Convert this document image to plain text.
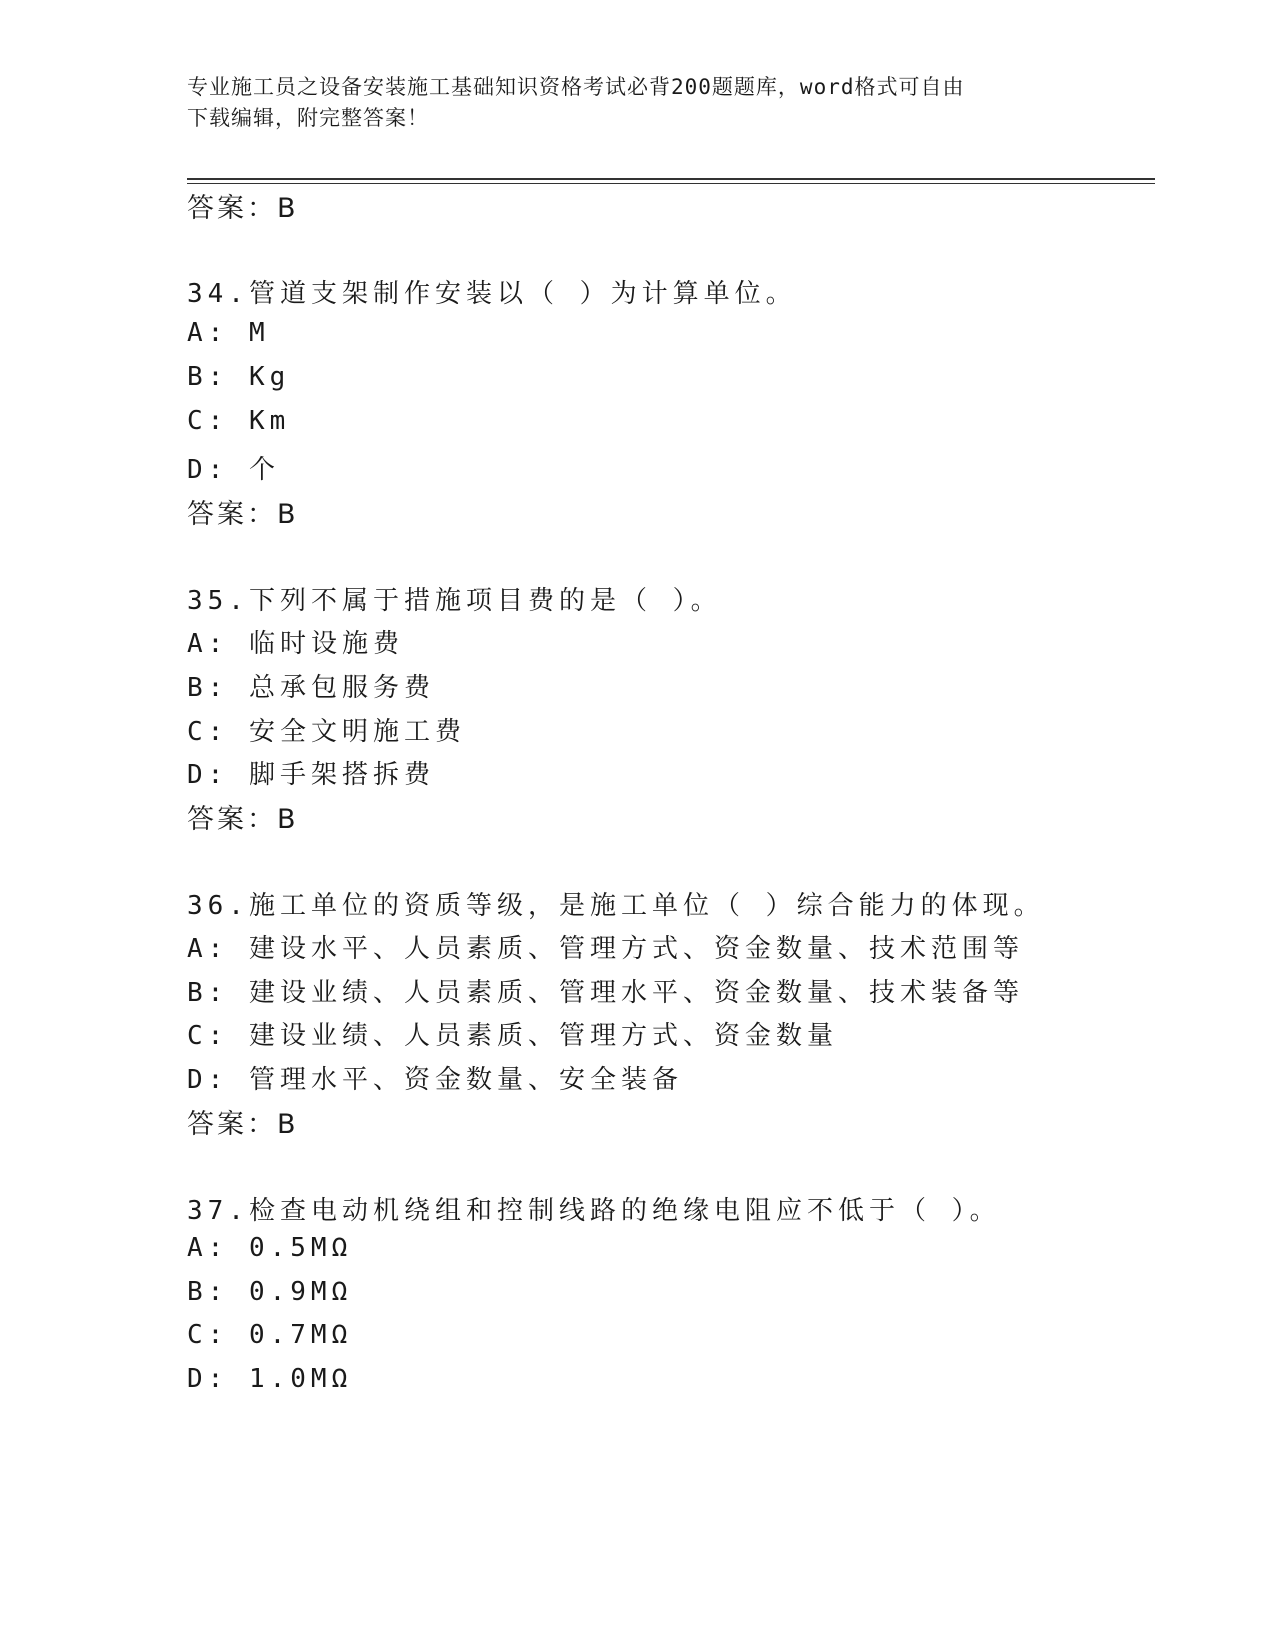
专业施工员之设备安装施工基础知识资格考试必背200题题库，word格式可自由
下载编辑，附完整答案！
答案：B
34.管道支架制作安装以（ ）为计算单位。
A: M
B: Kg
C: Km
D: 个
答案：B
35.下列不属于措施项目费的是（ ）。
A: 临时设施费
B: 总承包服务费
C: 安全文明施工费
D: 脚手架搭拆费
答案：B
36.施工单位的资质等级，是施工单位（ ）综合能力的体现。
A: 建设水平、人员素质、管理方式、资金数量、技术范围等
B: 建设业绩、人员素质、管理水平、资金数量、技术装备等
C: 建设业绩、人员素质、管理方式、资金数量
D: 管理水平、资金数量、安全装备
答案：B
37.检查电动机绕组和控制线路的绝缘电阻应不低于（ ）。
A: 0.5MΩ
B: 0.9MΩ
C: 0.7MΩ
D: 1.0MΩ
